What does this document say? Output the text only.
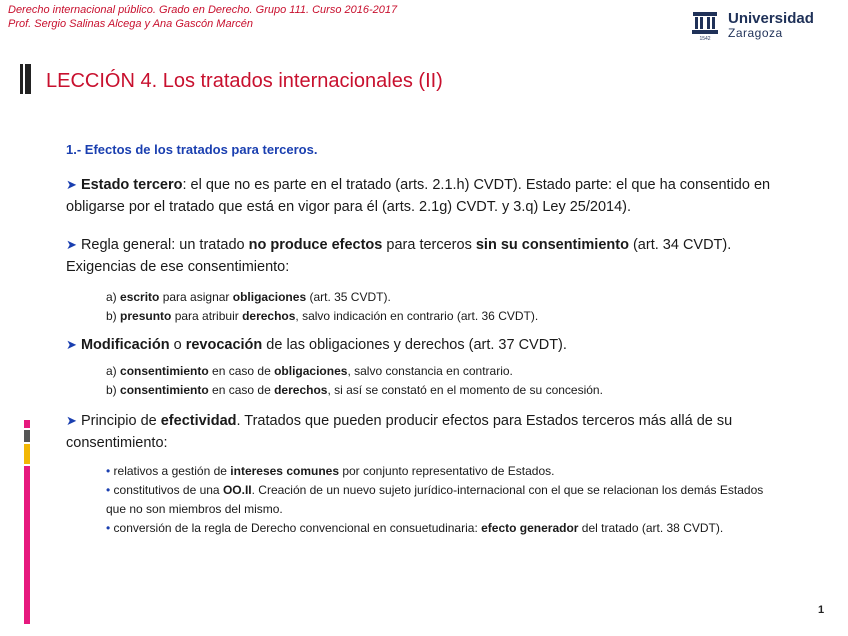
Derecho internacional público. Grado en Derecho. Grupo 111. Curso 2016-2017
Prof. Sergio Salinas Alcega y Ana Gascón Marcén
1542
Universidad
Zaragoza
LECCIÓN 4. Los tratados internacionales (II)
1.- Efectos de los tratados para terceros.
➤ Estado tercero: el que no es parte en el tratado (arts. 2.1.h) CVDT). Estado parte: el que ha consentido en obligarse por el tratado que está en vigor para él (arts. 2.1g) CVDT. y 3.q) Ley 25/2014).
➤ Regla general: un tratado no produce efectos para terceros sin su consentimiento (art. 34 CVDT). Exigencias de ese consentimiento:
a) escrito para asignar obligaciones (art. 35 CVDT).
b) presunto para atribuir derechos, salvo indicación en contrario (art. 36 CVDT).
➤ Modificación o revocación de las obligaciones y derechos (art. 37 CVDT).
a) consentimiento en caso de obligaciones, salvo constancia en contrario.
b) consentimiento en caso de derechos, si así se constató en el momento de su concesión.
➤ Principio de efectividad. Tratados que pueden producir efectos para Estados terceros más allá de su consentimiento:
• relativos a gestión de intereses comunes por conjunto representativo de Estados.
• constitutivos de una OO.II. Creación de un nuevo sujeto jurídico-internacional con el que se relacionan los demás Estados que no son miembros del mismo.
• conversión de la regla de Derecho convencional en consuetudinaria: efecto generador del tratado (art. 38 CVDT).
1
